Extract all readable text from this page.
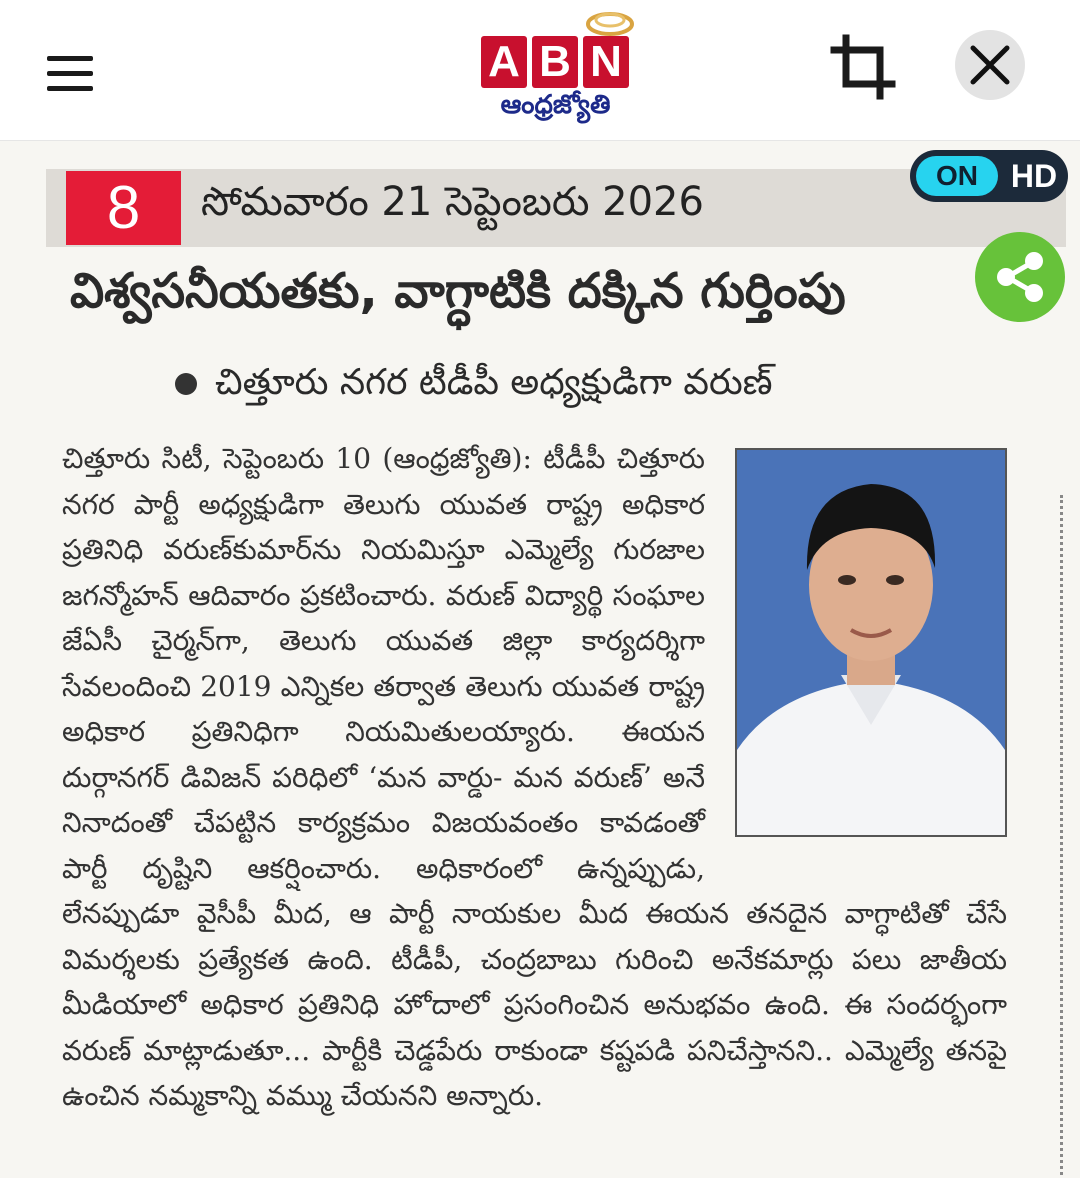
A B N
ఆంధ్రజ్యోతి
8	సోమవారం 21 సెప్టెంబరు 2026
ON	HD
విశ్వసనీయతకు, వాగ్ధాటికి దక్కిన గుర్తింపు
చిత్తూరు నగర టీడీపీ అధ్యక్షుడిగా వరుణ్
చిత్తూరు సిటీ, సెప్టెంబరు 10 (ఆంధ్రజ్యోతి): టీడీపీ చిత్తూరు నగర పార్టీ అధ్యక్షుడిగా తెలుగు యువత రాష్ట్ర అధికార ప్రతినిధి వరుణ్‌కుమార్‌ను నియమిస్తూ ఎమ్మెల్యే గురజాల జగన్మోహన్ ఆదివారం ప్రకటించారు. వరుణ్ విద్యార్థి సంఘాల జేఏసీ చైర్మన్‌గా, తెలుగు యువత జిల్లా కార్యదర్శిగా సేవలందించి 2019 ఎన్నికల తర్వాత తెలుగు యువత రాష్ట్ర అధికార ప్రతినిధిగా నియమితులయ్యారు. ఈయన దుర్గానగర్ డివిజన్ పరిధిలో ‘మన వార్డు- మన వరుణ్’ అనే నినాదంతో చేపట్టిన కార్యక్రమం విజయవంతం కావడంతో పార్టీ దృష్టిని ఆకర్షించారు. అధికారంలో ఉన్నప్పుడు, లేనప్పుడూ వైసీపీ మీద, ఆ పార్టీ నాయకుల మీద ఈయన తనదైన వాగ్ధాటితో చేసే విమర్శలకు ప్రత్యేకత ఉంది. టీడీపీ, చంద్రబాబు గురించి అనేకమార్లు పలు జాతీయ మీడియాలో అధికార ప్రతినిధి హోదాలో ప్రసంగించిన అనుభవం ఉంది. ఈ సందర్భంగా వరుణ్ మాట్లాడుతూ... పార్టీకి చెడ్డపేరు రాకుండా కష్టపడి పనిచేస్తానని.. ఎమ్మెల్యే తనపై ఉంచిన నమ్మకాన్ని వమ్ము చేయనని అన్నారు.
